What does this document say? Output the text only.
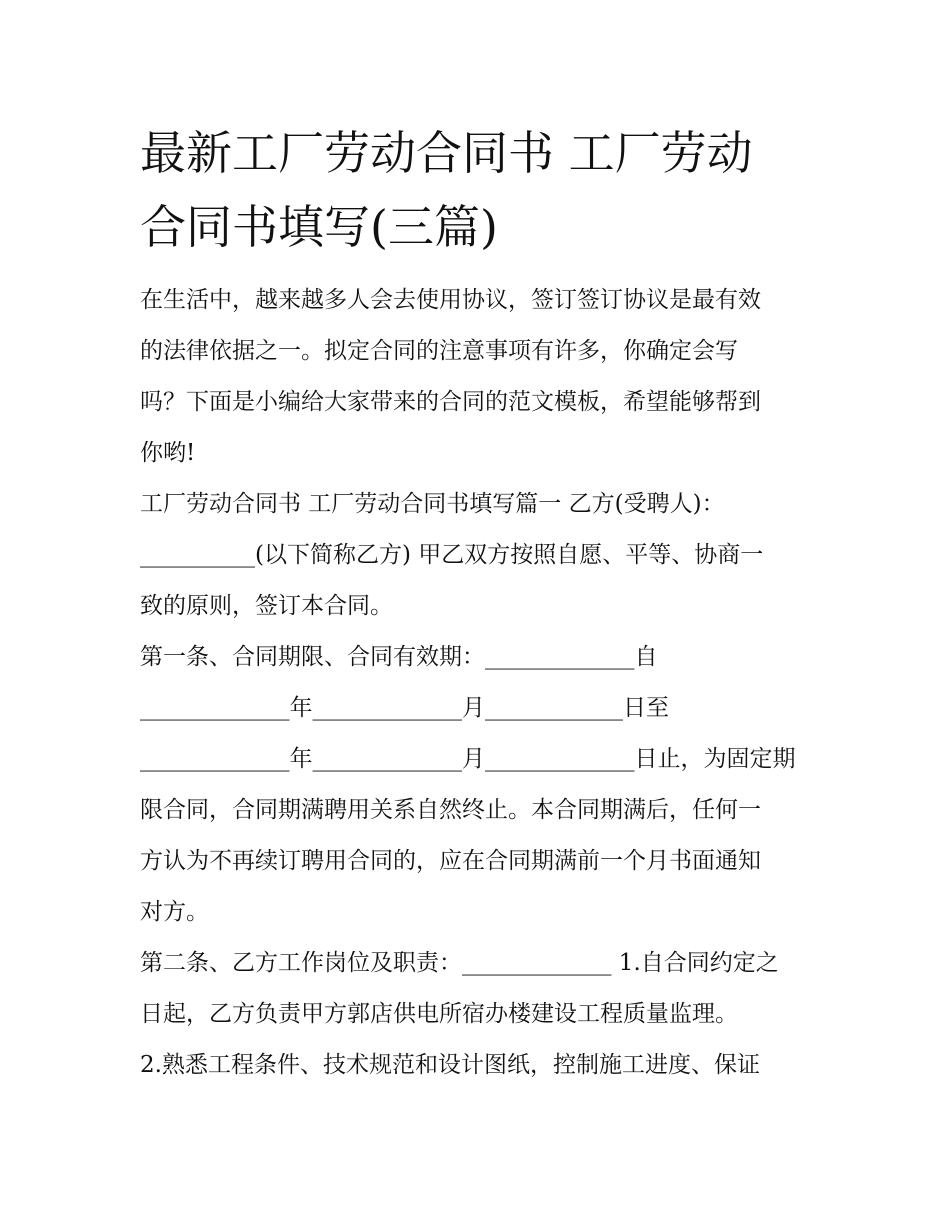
最新工厂劳动合同书 工厂劳动
合同书填写(三篇)
在生活中，越来越多人会去使用协议，签订签订协议是最有效
的法律依据之一。拟定合同的注意事项有许多，你确定会写
吗？下面是小编给大家带来的合同的范文模板，希望能够帮到
你哟!
工厂劳动合同书 工厂劳动合同书填写篇一 乙方(受聘人)：
__________(以下简称乙方) 甲乙双方按照自愿、平等、协商一
致的原则，签订本合同。
第一条、合同期限、合同有效期：_____________自
_____________年_____________月____________日至
_____________年_____________月_____________日止，为固定期
限合同，合同期满聘用关系自然终止。本合同期满后，任何一
方认为不再续订聘用合同的，应在合同期满前一个月书面通知
对方。
第二条、乙方工作岗位及职责：_____________ 1.自合同约定之
日起，乙方负责甲方郭店供电所宿办楼建设工程质量监理。
2.熟悉工程条件、技术规范和设计图纸，控制施工进度、保证
